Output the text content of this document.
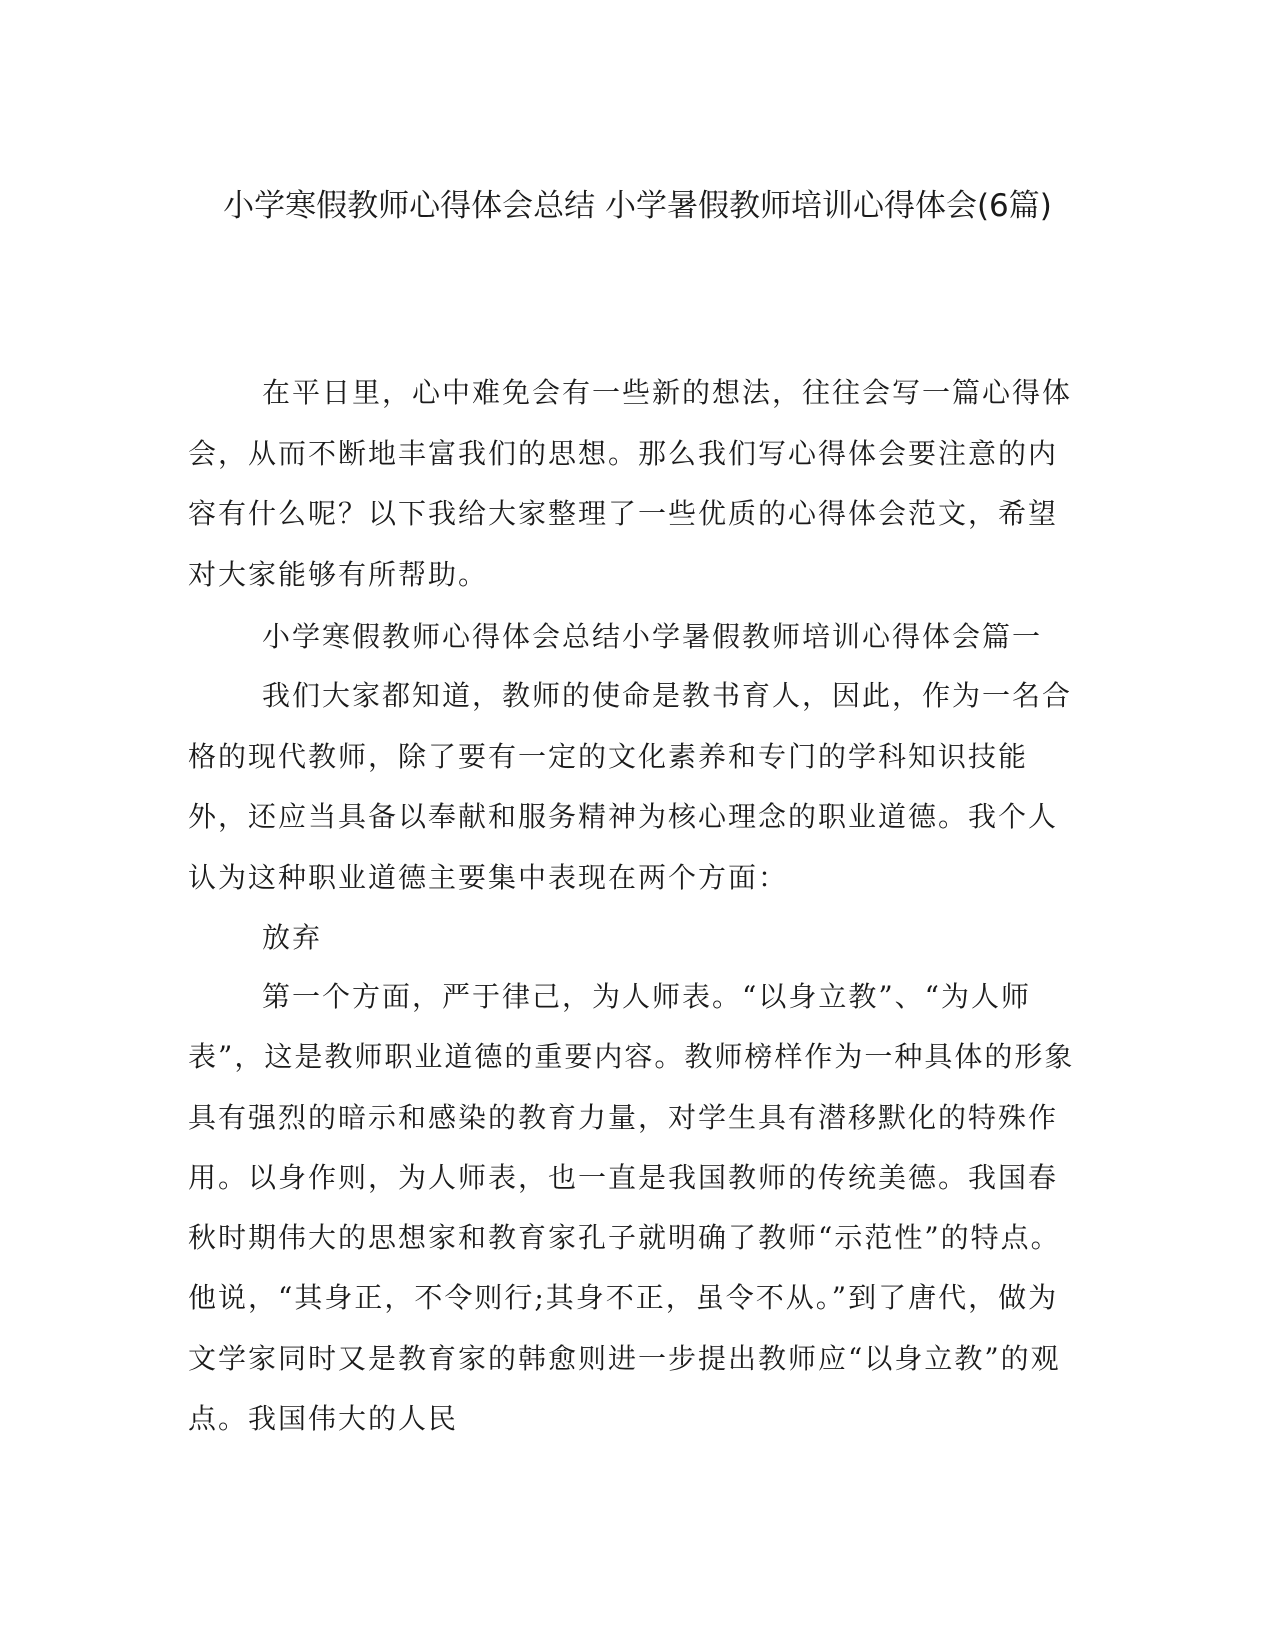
小学寒假教师心得体会总结 小学暑假教师培训心得体会(6篇)

在平日里，心中难免会有一些新的想法，往往会写一篇心得体会，从而不断地丰富我们的思想。那么我们写心得体会要注意的内容有什么呢？以下我给大家整理了一些优质的心得体会范文，希望对大家能够有所帮助。

小学寒假教师心得体会总结小学暑假教师培训心得体会篇一

我们大家都知道，教师的使命是教书育人，因此，作为一名合格的现代教师，除了要有一定的文化素养和专门的学科知识技能外，还应当具备以奉献和服务精神为核心理念的职业道德。我个人认为这种职业道德主要集中表现在两个方面：

放弃

第一个方面，严于律己，为人师表。“以身立教”、“为人师表”，这是教师职业道德的重要内容。教师榜样作为一种具体的形象具有强烈的暗示和感染的教育力量，对学生具有潜移默化的特殊作用。以身作则，为人师表，也一直是我国教师的传统美德。我国春秋时期伟大的思想家和教育家孔子就明确了教师“示范性”的特点。他说，“其身正，不令则行;其身不正，虽令不从。”到了唐代，做为文学家同时又是教育家的韩愈则进一步提出教师应“以身立教”的观点。我国伟大的人民
